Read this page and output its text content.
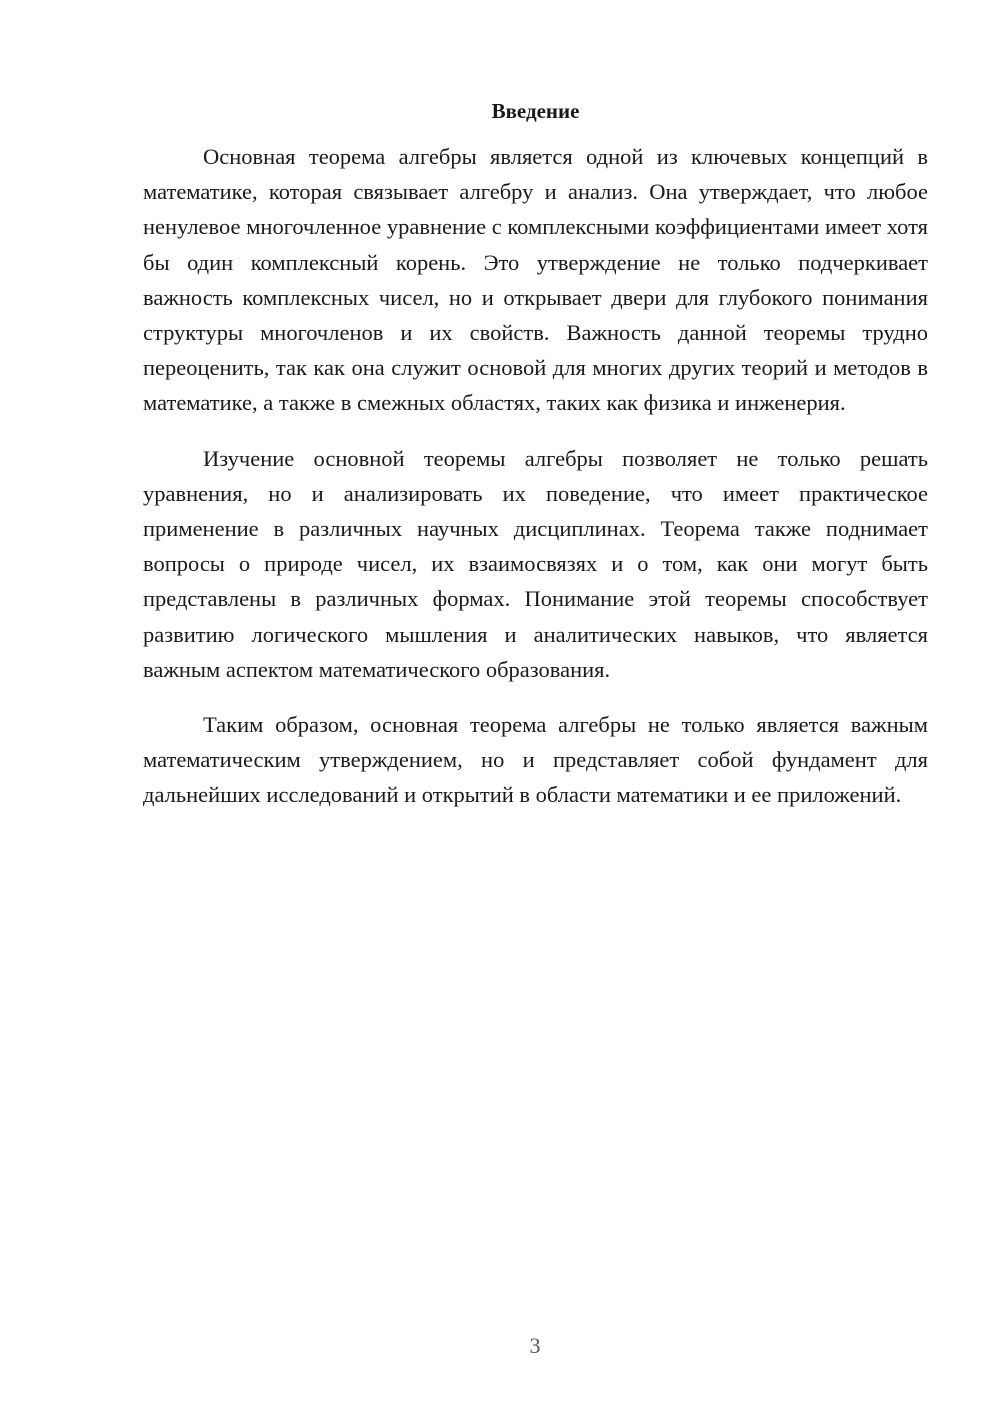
Введение

Основная теорема алгебры является одной из ключевых концепций в математике, которая связывает алгебру и анализ. Она утверждает, что любое ненулевое многочленное уравнение с комплексными коэффициентами имеет хотя бы один комплексный корень. Это утверждение не только подчеркивает важность комплексных чисел, но и открывает двери для глубокого понимания структуры многочленов и их свойств. Важность данной теоремы трудно переоценить, так как она служит основой для многих других теорий и методов в математике, а также в смежных областях, таких как физика и инженерия.

Изучение основной теоремы алгебры позволяет не только решать уравнения, но и анализировать их поведение, что имеет практическое применение в различных научных дисциплинах. Теорема также поднимает вопросы о природе чисел, их взаимосвязях и о том, как они могут быть представлены в различных формах. Понимание этой теоремы способствует развитию логического мышления и аналитических навыков, что является важным аспектом математического образования.

Таким образом, основная теорема алгебры не только является важным математическим утверждением, но и представляет собой фундамент для дальнейших исследований и открытий в области математики и ее приложений.

3
